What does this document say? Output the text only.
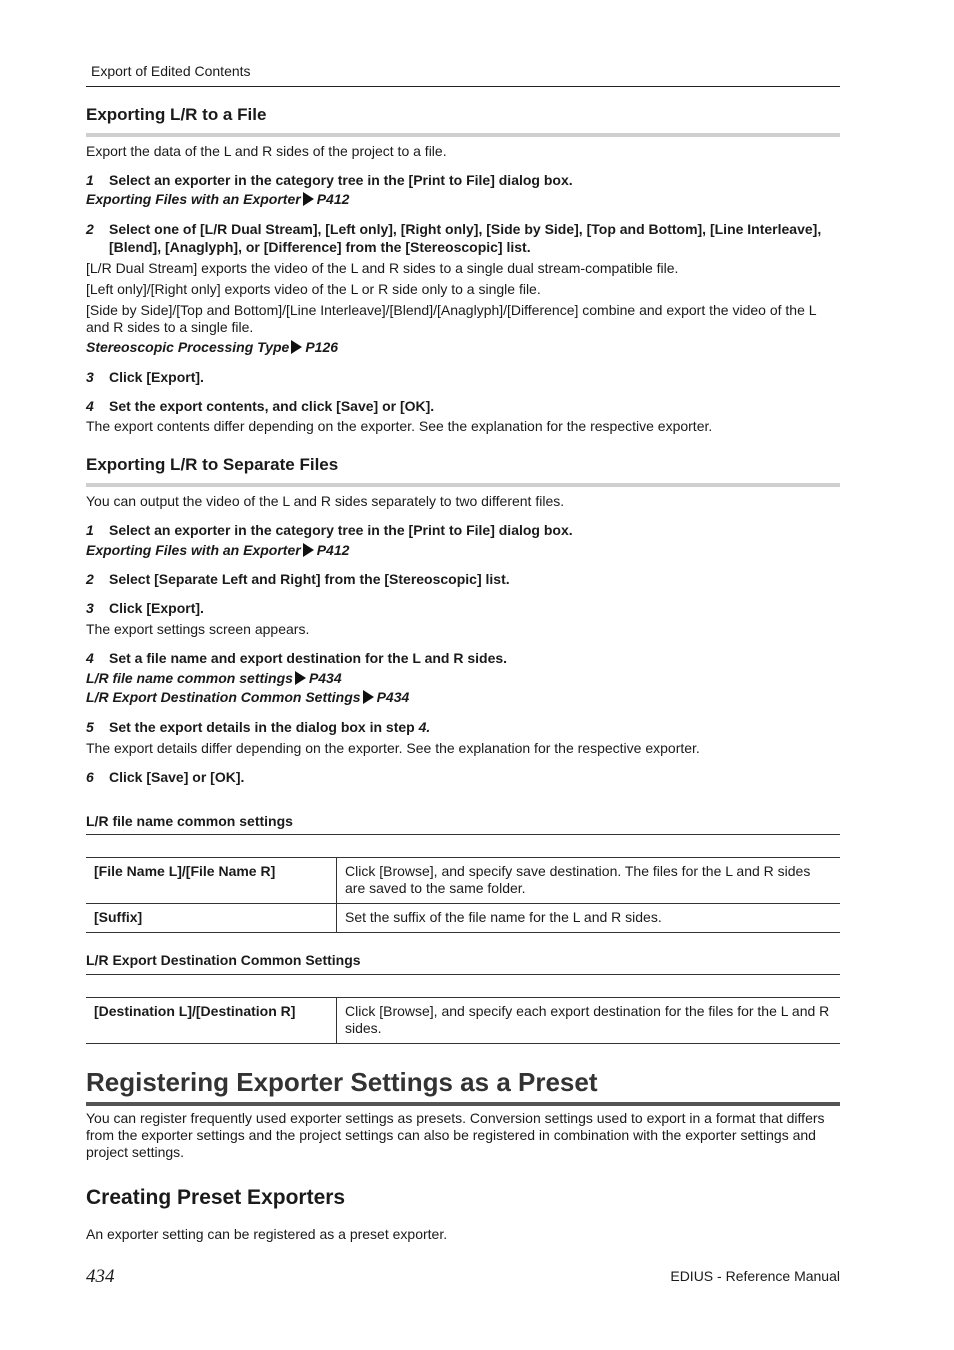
Export of Edited Contents
Exporting L/R to a File

Export the data of the L and R sides of the project to a file.

1	Select an exporter in the category tree in the [Print to File] dialog box.
Exporting Files with an Exporter P412
2	Select one of [L/R Dual Stream], [Left only], [Right only], [Side by Side], [Top and Bottom], [Line Interleave], [Blend], [Anaglyph], or [Difference] from the [Stereoscopic] list.

[L/R Dual Stream] exports the video of the L and R sides to a single dual stream-compatible file.

[Left only]/[Right only] exports video of the L or R side only to a single file.

[Side by Side]/[Top and Bottom]/[Line Interleave]/[Blend]/[Anaglyph]/[Difference] combine and export the video of the L and R sides to a single file.

Stereoscopic Processing Type P126
3	Click [Export].
4	Set the export contents, and click [Save] or [OK].

The export contents differ depending on the exporter. See the explanation for the respective exporter.

Exporting L/R to Separate Files

You can output the video of the L and R sides separately to two different files.

1	Select an exporter in the category tree in the [Print to File] dialog box.
Exporting Files with an Exporter P412
2	Select [Separate Left and Right] from the [Stereoscopic] list.
3	Click [Export].

The export settings screen appears.

4	Set a file name and export destination for the L and R sides.
L/R file name common settings P434
L/R Export Destination Common Settings P434
5	Set the export details in the dialog box in step 4.

The export details differ depending on the exporter. See the explanation for the respective exporter.

6	Click [Save] or [OK].
L/R file name common settings
[File Name L]/[File Name R]	Click [Browse], and specify save destination. The files for the L and R sides are saved to the same folder.
[Suffix]	Set the suffix of the file name for the L and R sides.
L/R Export Destination Common Settings
[Destination L]/[Destination R]	Click [Browse], and specify each export destination for the files for the L and R sides.
Registering Exporter Settings as a Preset

You can register frequently used exporter settings as presets. Conversion settings used to export in a format that differs from the exporter settings and the project settings can also be registered in combination with the exporter settings and project settings.

Creating Preset Exporters

An exporter setting can be registered as a preset exporter.

434	EDIUS - Reference Manual
